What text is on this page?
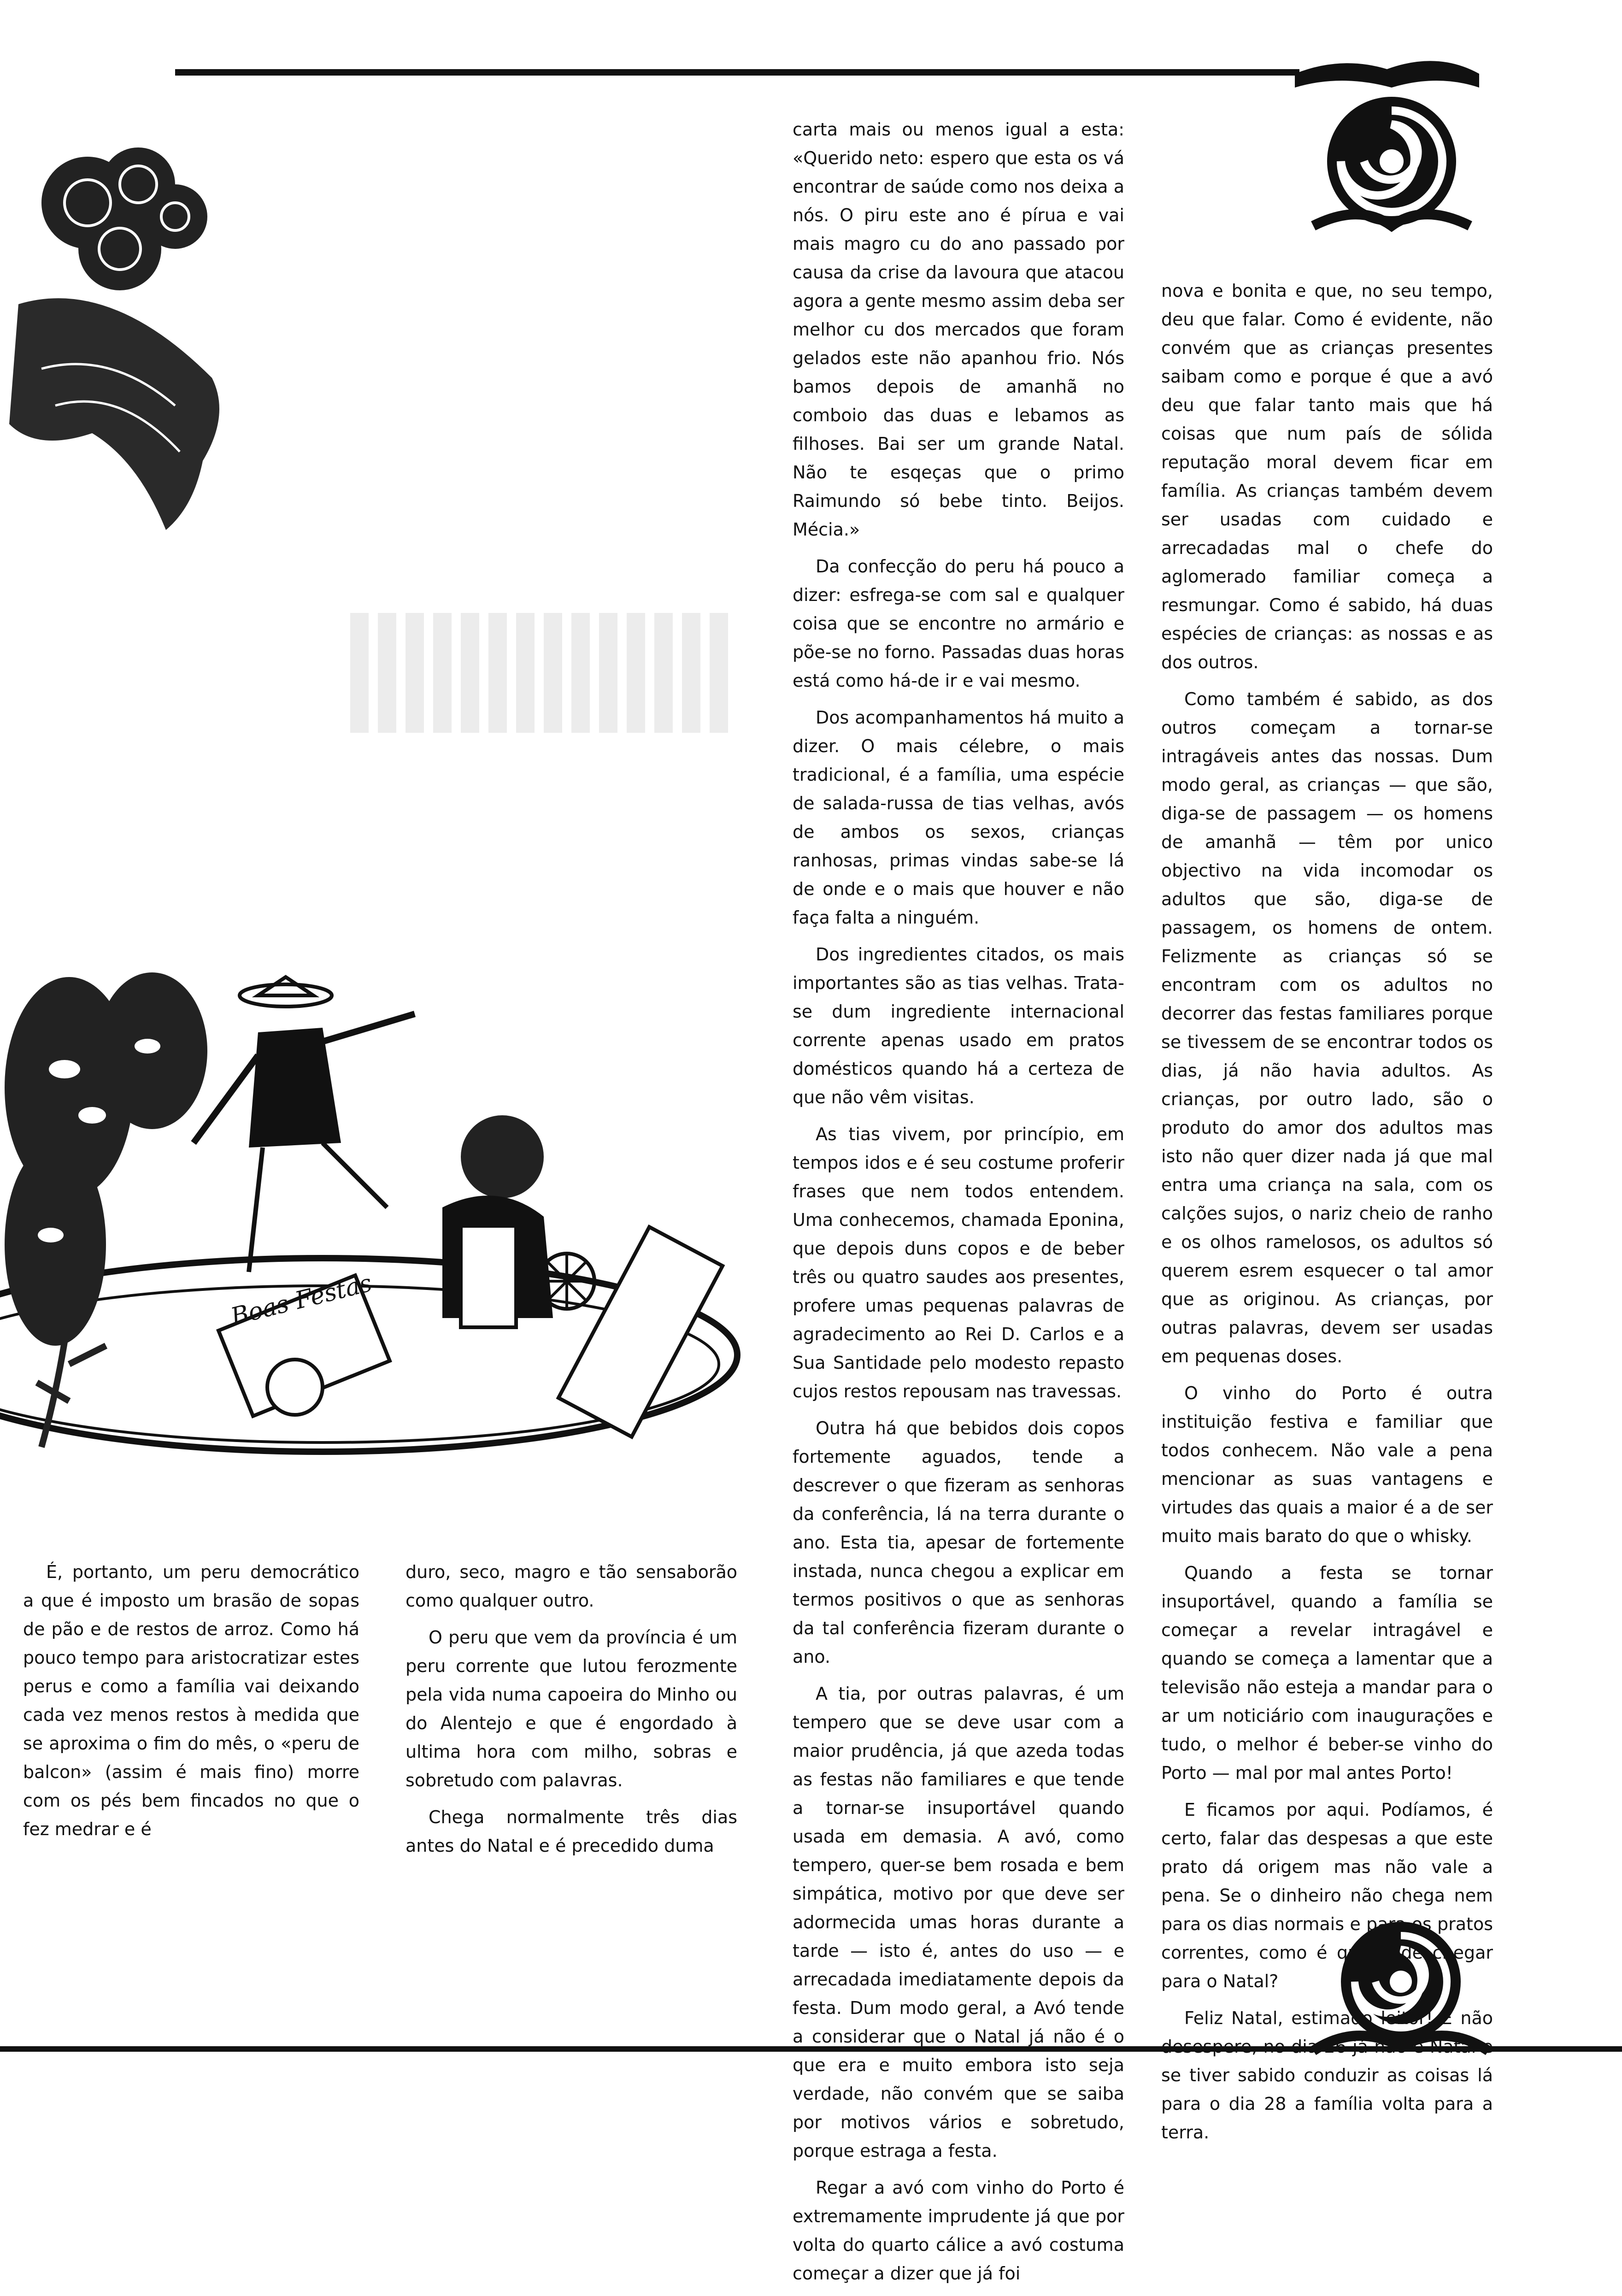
Boas Festas

carta mais ou menos igual a esta: «Querido neto: espero que esta os vá encontrar de saúde como nos deixa a nós. O piru este ano é pírua e vai mais magro cu do ano passado por causa da crise da lavoura que atacou agora a gente mesmo assim deba ser melhor cu dos mercados que foram gelados este não apanhou frio. Nós bamos depois de amanhã no comboio das duas e lebamos as filhoses. Bai ser um grande Natal. Não te esqeças que o primo Raimundo só bebe tinto. Beijos. Mécia.»

Da confecção do peru há pouco a dizer: esfrega-se com sal e qualquer coisa que se encontre no armário e põe-se no forno. Passadas duas horas está como há-de ir e vai mesmo.

Dos acompanhamentos há muito a dizer. O mais célebre, o mais tradicional, é a família, uma espécie de salada-russa de tias velhas, avós de ambos os sexos, crianças ranhosas, primas vindas sabe-se lá de onde e o mais que houver e não faça falta a ninguém.

Dos ingredientes citados, os mais importantes são as tias velhas. Trata-se dum ingrediente internacional corrente apenas usado em pratos domésticos quando há a certeza de que não vêm visitas.

As tias vivem, por princípio, em tempos idos e é seu costume proferir frases que nem todos entendem. Uma conhecemos, chamada Eponina, que depois duns copos e de beber três ou quatro saudes aos presentes, profere umas pequenas palavras de agradecimento ao Rei D. Carlos e a Sua Santidade pelo modesto repasto cujos restos repousam nas travessas.

Outra há que bebidos dois copos fortemente aguados, tende a descrever o que fizeram as senhoras da conferência, lá na terra durante o ano. Esta tia, apesar de fortemente instada, nunca chegou a explicar em termos positivos o que as senhoras da tal conferência fizeram durante o ano.

A tia, por outras palavras, é um tempero que se deve usar com a maior prudência, já que azeda todas as festas não familiares e que tende a tornar-se insuportável quando usada em demasia. A avó, como tempero, quer-se bem rosada e bem simpática, motivo por que deve ser adormecida umas horas durante a tarde — isto é, antes do uso — e arrecadada imediatamente depois da festa. Dum modo geral, a Avó tende a considerar que o Natal já não é o que era e muito embora isto seja verdade, não convém que se saiba por motivos vários e sobretudo, porque estraga a festa.

Regar a avó com vinho do Porto é extremamente imprudente já que por volta do quarto cálice a avó costuma começar a dizer que já foi

nova e bonita e que, no seu tempo, deu que falar. Como é evidente, não convém que as crianças presentes saibam como e porque é que a avó deu que falar tanto mais que há coisas que num país de sólida reputação moral devem ficar em família. As crianças também devem ser usadas com cuidado e arrecadadas mal o chefe do aglomerado familiar começa a resmungar. Como é sabido, há duas espécies de crianças: as nossas e as dos outros.

Como também é sabido, as dos outros começam a tornar-se intragáveis antes das nossas. Dum modo geral, as crianças — que são, diga-se de passagem — os homens de amanhã — têm por unico objectivo na vida incomodar os adultos que são, diga-se de passagem, os homens de ontem. Felizmente as crianças só se encontram com os adultos no decorrer das festas familiares porque se tivessem de se encontrar todos os dias, já não havia adultos. As crianças, por outro lado, são o produto do amor dos adultos mas isto não quer dizer nada já que mal entra uma criança na sala, com os calções sujos, o nariz cheio de ranho e os olhos ramelosos, os adultos só querem esrem esquecer o tal amor que as originou. As crianças, por outras palavras, devem ser usadas em pequenas doses.

O vinho do Porto é outra instituição festiva e familiar que todos conhecem. Não vale a pena mencionar as suas vantagens e virtudes das quais a maior é a de ser muito mais barato do que o whisky.

Quando a festa se tornar insuportável, quando a família se começar a revelar intragável e quando se começa a lamentar que a televisão não esteja a mandar para o ar um noticiário com inaugurações e tudo, o melhor é beber-se vinho do Porto — mal por mal antes Porto!

E ficamos por aqui. Podíamos, é certo, falar das despesas a que este prato dá origem mas não vale a pena. Se o dinheiro não chega nem para os dias normais e para os pratos correntes, como é que pode chegar para o Natal?

Feliz Natal, estimado leitor! E não desespere, no dia 26 já não é Natal e se tiver sabido conduzir as coisas lá para o dia 28 a família volta para a terra.

É, portanto, um peru democrático a que é imposto um brasão de sopas de pão e de restos de arroz. Como há pouco tempo para aristocratizar estes perus e como a família vai deixando cada vez menos restos à medida que se aproxima o fim do mês, o «peru de balcon» (assim é mais fino) morre com os pés bem fincados no que o fez medrar e é

duro, seco, magro e tão sensaborão como qualquer outro.

O peru que vem da província é um peru corrente que lutou ferozmente pela vida numa capoeira do Minho ou do Alentejo e que é engordado à ultima hora com milho, sobras e sobretudo com palavras.

Chega normalmente três dias antes do Natal e é precedido duma
